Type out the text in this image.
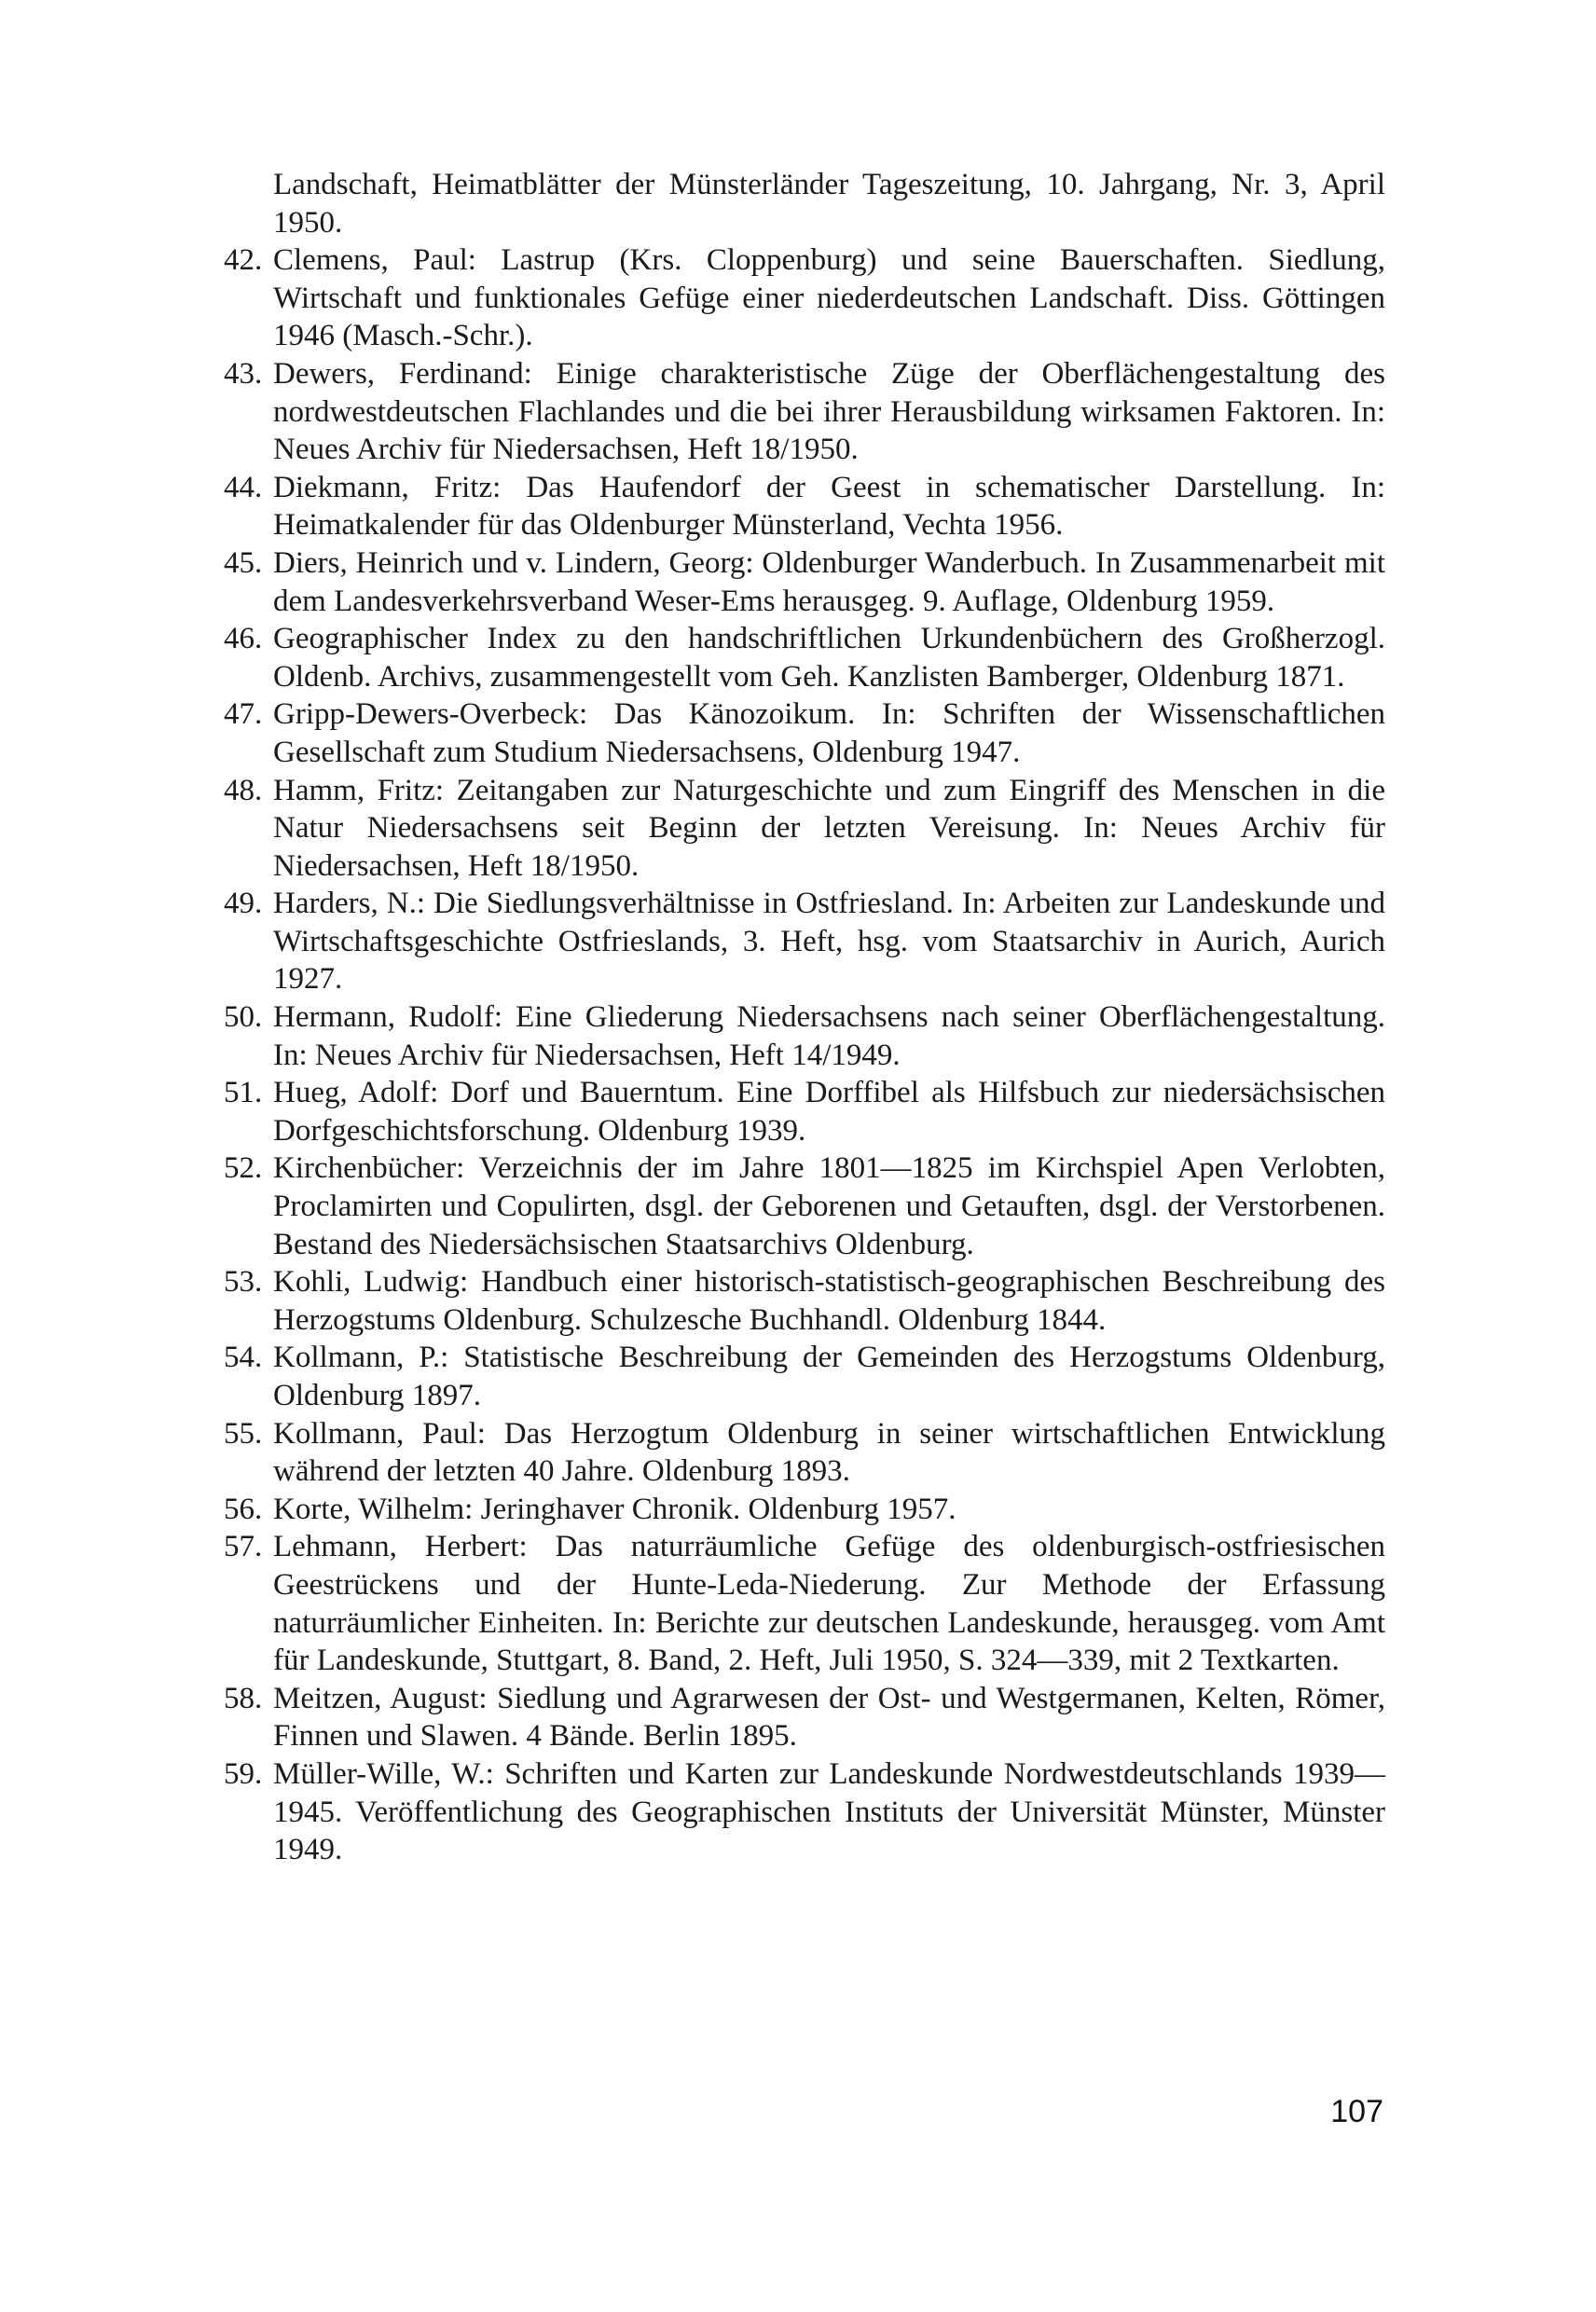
Landschaft, Heimatblätter der Münsterländer Tageszeitung, 10. Jahrgang, Nr. 3, April 1950.
42. Clemens, Paul: Lastrup (Krs. Cloppenburg) und seine Bauerschaften. Siedlung, Wirtschaft und funktionales Gefüge einer niederdeutschen Landschaft. Diss. Göttingen 1946 (Masch.-Schr.).
43. Dewers, Ferdinand: Einige charakteristische Züge der Oberflächengestaltung des nordwestdeutschen Flachlandes und die bei ihrer Herausbildung wirksamen Faktoren. In: Neues Archiv für Niedersachsen, Heft 18/1950.
44. Diekmann, Fritz: Das Haufendorf der Geest in schematischer Darstellung. In: Heimatkalender für das Oldenburger Münsterland, Vechta 1956.
45. Diers, Heinrich und v. Lindern, Georg: Oldenburger Wanderbuch. In Zusammenarbeit mit dem Landesverkehrsverband Weser-Ems herausgeg. 9. Auflage, Oldenburg 1959.
46. Geographischer Index zu den handschriftlichen Urkundenbüchern des Großherzogl. Oldenb. Archivs, zusammengestellt vom Geh. Kanzlisten Bamberger, Oldenburg 1871.
47. Gripp-Dewers-Overbeck: Das Känozoikum. In: Schriften der Wissenschaftlichen Gesellschaft zum Studium Niedersachsens, Oldenburg 1947.
48. Hamm, Fritz: Zeitangaben zur Naturgeschichte und zum Eingriff des Menschen in die Natur Niedersachsens seit Beginn der letzten Vereisung. In: Neues Archiv für Niedersachsen, Heft 18/1950.
49. Harders, N.: Die Siedlungsverhältnisse in Ostfriesland. In: Arbeiten zur Landeskunde und Wirtschaftsgeschichte Ostfrieslands, 3. Heft, hsg. vom Staatsarchiv in Aurich, Aurich 1927.
50. Hermann, Rudolf: Eine Gliederung Niedersachsens nach seiner Oberflächengestaltung. In: Neues Archiv für Niedersachsen, Heft 14/1949.
51. Hueg, Adolf: Dorf und Bauerntum. Eine Dorffibel als Hilfsbuch zur niedersächsischen Dorfgeschichtsforschung. Oldenburg 1939.
52. Kirchenbücher: Verzeichnis der im Jahre 1801—1825 im Kirchspiel Apen Verlobten, Proclamirten und Copulirten, dsgl. der Geborenen und Getauften, dsgl. der Verstorbenen. Bestand des Niedersächsischen Staatsarchivs Oldenburg.
53. Kohli, Ludwig: Handbuch einer historisch-statistisch-geographischen Beschreibung des Herzogstums Oldenburg. Schulzesche Buchhandl. Oldenburg 1844.
54. Kollmann, P.: Statistische Beschreibung der Gemeinden des Herzogstums Oldenburg, Oldenburg 1897.
55. Kollmann, Paul: Das Herzogtum Oldenburg in seiner wirtschaftlichen Entwicklung während der letzten 40 Jahre. Oldenburg 1893.
56. Korte, Wilhelm: Jeringhaver Chronik. Oldenburg 1957.
57. Lehmann, Herbert: Das naturräumliche Gefüge des oldenburgisch-ostfriesischen Geestrückens und der Hunte-Leda-Niederung. Zur Methode der Erfassung naturräumlicher Einheiten. In: Berichte zur deutschen Landeskunde, herausgeg. vom Amt für Landeskunde, Stuttgart, 8. Band, 2. Heft, Juli 1950, S. 324—339, mit 2 Textkarten.
58. Meitzen, August: Siedlung und Agrarwesen der Ost- und Westgermanen, Kelten, Römer, Finnen und Slawen. 4 Bände. Berlin 1895.
59. Müller-Wille, W.: Schriften und Karten zur Landeskunde Nordwestdeutschlands 1939—1945. Veröffentlichung des Geographischen Instituts der Universität Münster, Münster 1949.
107
